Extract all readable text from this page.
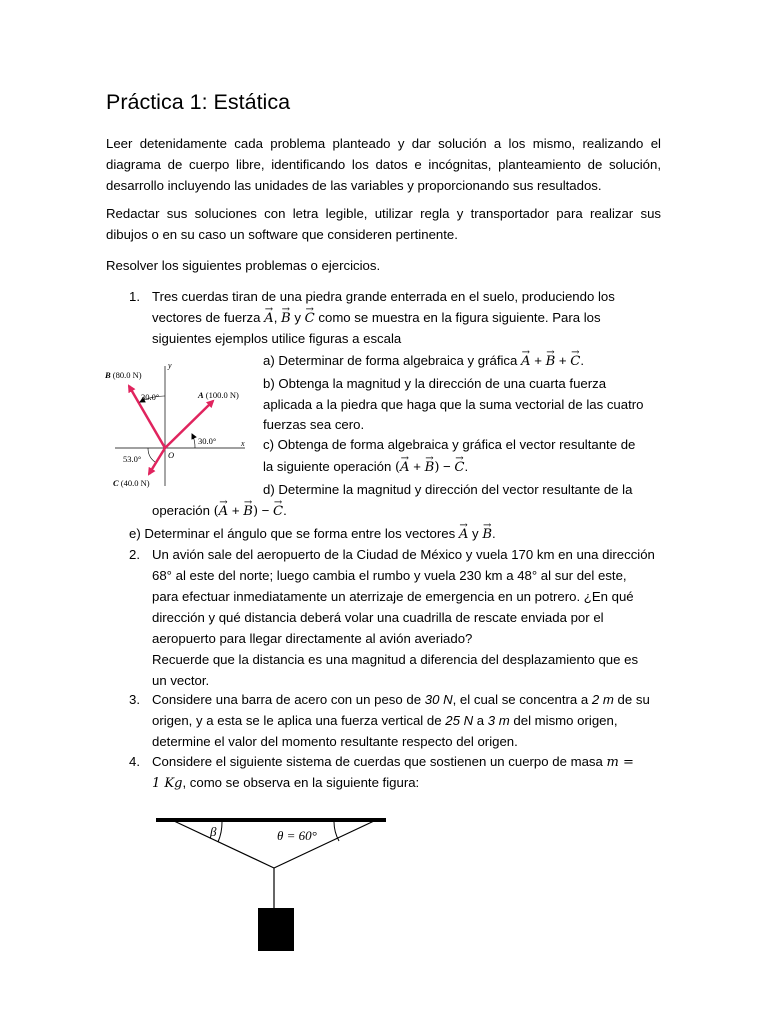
Práctica 1: Estática

Leer detenidamente cada problema planteado y dar solución a los mismo, realizando el diagrama de cuerpo libre, identificando los datos e incógnitas, planteamiento de solución, desarrollo incluyendo las unidades de las variables y proporcionando sus resultados.

Redactar sus soluciones con letra legible, utilizar regla y transportador para realizar sus dibujos o en su caso un software que consideren pertinente.

Resolver los siguientes problemas o ejercicios.

1. Tres cuerdas tiran de una piedra grande enterrada en el suelo, produciendo los
vectores de fuerza → A, → B y → C como se muestra en la figura siguiente. Para los
siguientes ejemplos utilice figuras a escala
a) Determinar de forma algebraica y gráfica → A + → B + → C.
b) Obtenga la magnitud y la dirección de una cuarta fuerza
aplicada a la piedra que haga que la suma vectorial de las cuatro
fuerzas sea cero.
c) Obtenga de forma algebraica y gráfica el vector resultante de
la siguiente operación (→ A + → B) − → C.
d) Determine la magnitud y dirección del vector resultante de la
operación (→ A + → B) − → C.
e) Determinar el ángulo que se forma entre los vectores → A y → B.
x
y
B (80.0 N)
A (100.0 N)
C (40.0 N)
30.0°
30.0°
53.0°	O
2. Un avión sale del aeropuerto de la Ciudad de México y vuela 170 km en una dirección
68° al este del norte; luego cambia el rumbo y vuela 230 km a 48° al sur del este,
para efectuar inmediatamente un aterrizaje de emergencia en un potrero. ¿En qué
dirección y qué distancia deberá volar una cuadrilla de rescate enviada por el
aeropuerto para llegar directamente al avión averiado?
Recuerde que la distancia es una magnitud a diferencia del desplazamiento que es
un vector.
3. Considere una barra de acero con un peso de 30 N, el cual se concentra a 2 m de su
origen, y a esta se le aplica una fuerza vertical de 25 N a 3 m del mismo origen,
determine el valor del momento resultante respecto del origen.
4. Considere el siguiente sistema de cuerdas que sostienen un cuerpo de masa m =
1 Kg, como se observa en la siguiente figura:
β	θ = 60°
